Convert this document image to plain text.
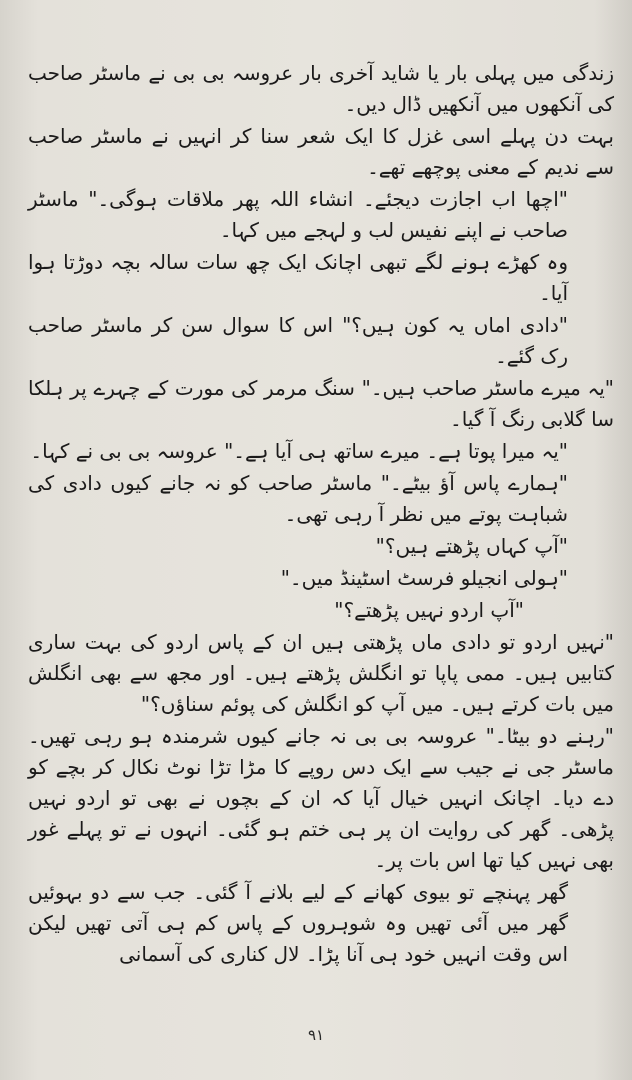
زندگی میں پہلی بار یا شاید آخری بار عروسہ بی بی نے ماسٹر صاحب کی آنکھوں میں آنکھیں ڈال دیں۔

بہت دن پہلے اسی غزل کا ایک شعر سنا کر انہیں نے ماسٹر صاحب سے ندیم کے معنی پوچھے تھے۔

"اچھا اب اجازت دیجئے۔ انشاء اللہ پھر ملاقات ہوگی۔" ماسٹر صاحب نے اپنے نفیس لب و لہجے میں کہا۔

وہ کھڑے ہونے لگے تبھی اچانک ایک چھ سات سالہ بچہ دوڑتا ہوا آیا۔

"دادی اماں یہ کون ہیں؟" اس کا سوال سن کر ماسٹر صاحب رک گئے۔

"یہ میرے ماسٹر صاحب ہیں۔" سنگ مرمر کی مورت کے چہرے پر ہلکا سا گلابی رنگ آ گیا۔

"یہ میرا پوتا ہے۔ میرے ساتھ ہی آیا ہے۔" عروسہ بی بی نے کہا۔

"ہمارے پاس آؤ بیٹے۔" ماسٹر صاحب کو نہ جانے کیوں دادی کی شباہت پوتے میں نظر آ رہی تھی۔

"آپ کہاں پڑھتے ہیں؟"

"ہولی انجیلو فرسٹ اسٹینڈ میں۔"

"آپ اردو نہیں پڑھتے؟"

"نہیں اردو تو دادی ماں پڑھتی ہیں ان کے پاس اردو کی بہت ساری کتابیں ہیں۔ ممی پاپا تو انگلش پڑھتے ہیں۔ اور مجھ سے بھی انگلش میں بات کرتے ہیں۔ میں آپ کو انگلش کی پوئم سناؤں؟"

"رہنے دو بیٹا۔" عروسہ بی بی نہ جانے کیوں شرمندہ ہو رہی تھیں۔ ماسٹر جی نے جیب سے ایک دس روپے کا مڑا تڑا نوٹ نکال کر بچے کو دے دیا۔ اچانک انہیں خیال آیا کہ ان کے بچوں نے بھی تو اردو نہیں پڑھی۔ گھر کی روایت ان پر ہی ختم ہو گئی۔ انہوں نے تو پہلے غور بھی نہیں کیا تھا اس بات پر۔

گھر پہنچے تو بیوی کھانے کے لیے بلانے آ گئی۔ جب سے دو بہوئیں گھر میں آئی تھیں وہ شوہروں کے پاس کم ہی آتی تھیں لیکن اس وقت انہیں خود ہی آنا پڑا۔ لال کناری کی آسمانی

۹۱
